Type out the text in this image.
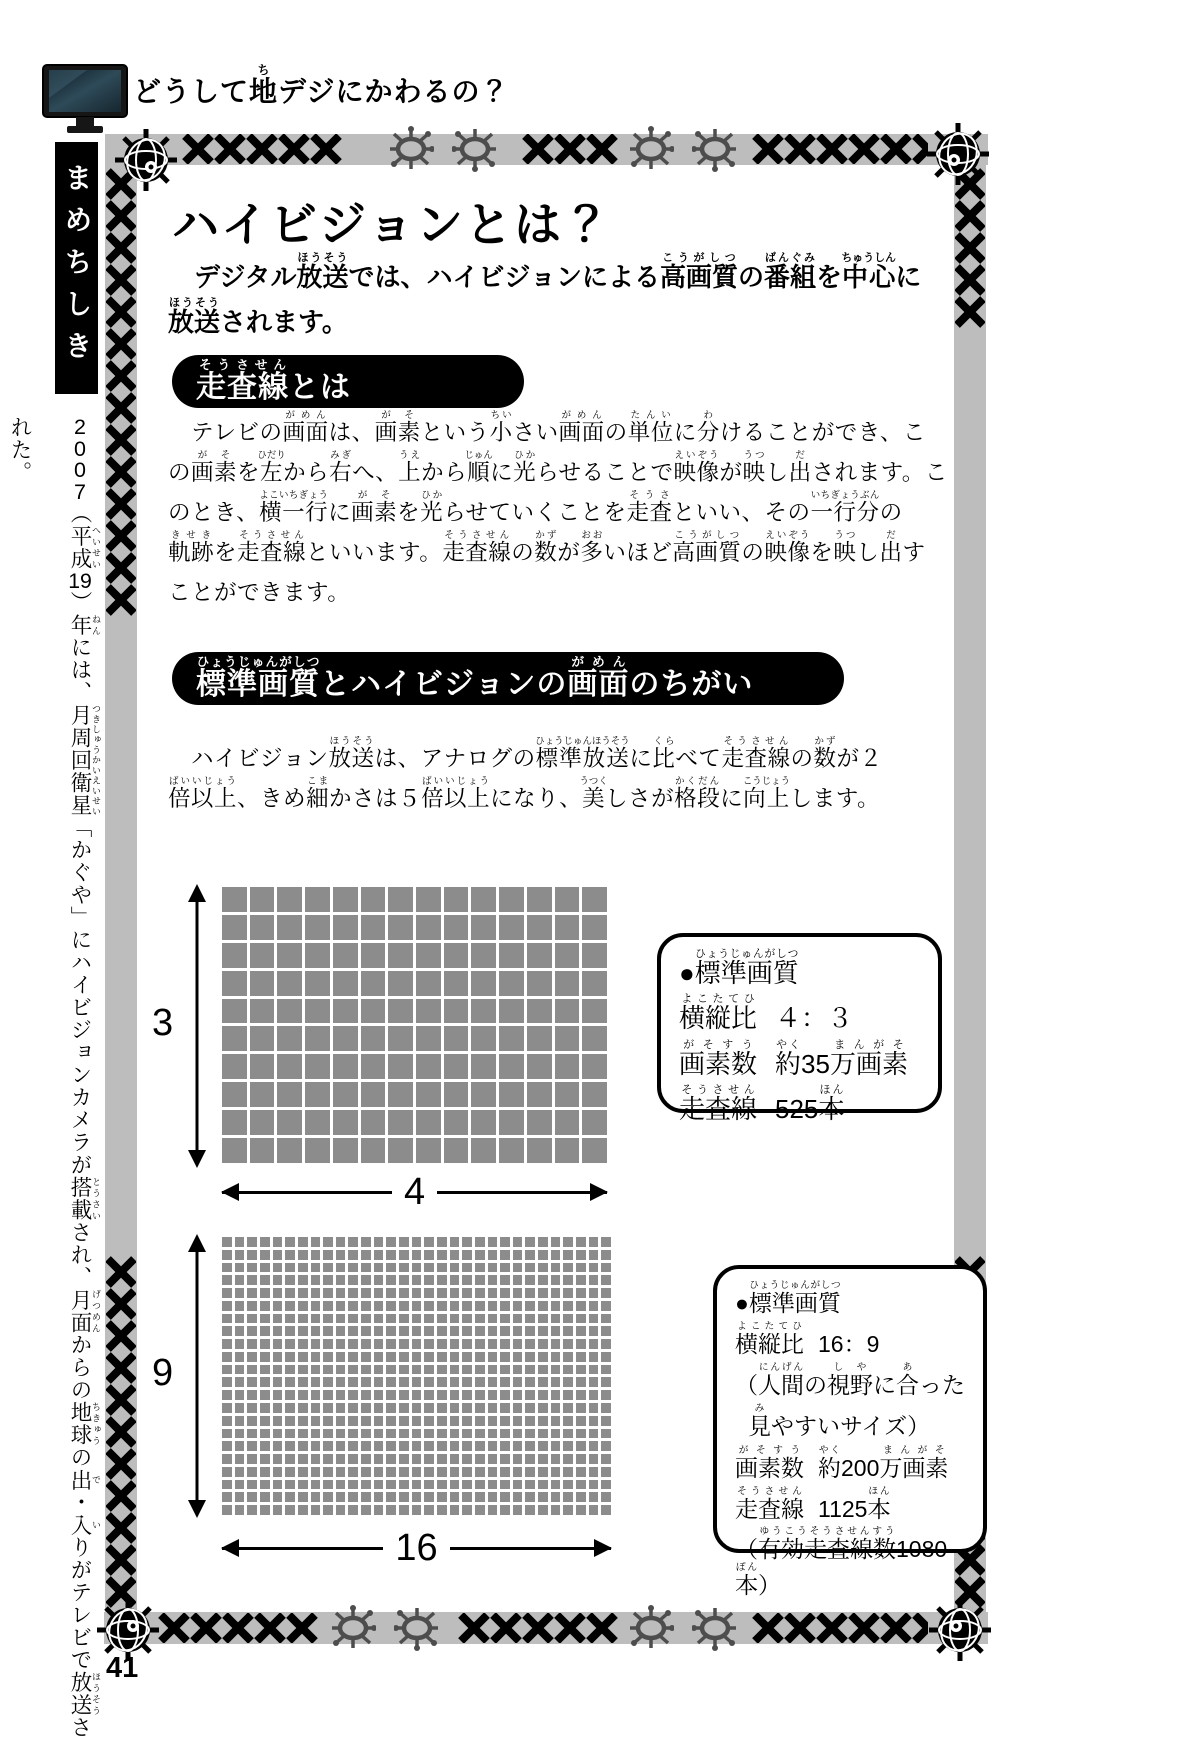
どうして地ちデジにかわるの？
まめちしき
2007（平成 へいせい19）年 ねんには、月周回衛星 つきしゅうかいえいせい「かぐや」にハイビジョンカメラが搭載 とうさいされ、月面 げつめんからの地球 ちきゅうの出 で・入 いりがテレビで放送 ほうそうされた。
41
ハイビジョンとは？

　デジタル放送ほうそうでは、ハイビジョンによる高画質こうがしつの番組ばんぐみを中心ちゅうしんに放送ほうそうされます。

走査線そうさせんとは

　テレビの画面がめんは、画素がそという小ちいさい画面がめんの単位たんいに分わけることができ、この画素がそを左ひだりから右みぎへ、上うえから順じゅんに光ひからせることで映像えいぞうが映うつし出だされます。このとき、横一行よこいちぎょうに画素がそを光ひからせていくことを走査そうさといい、その一行分いちぎょうぶんの軌跡きせきを走査線そうさせんといいます。走査線そうさせんの数かずが多おおいほど高画質こうがしつの映像えいぞうを映うつし出だすことができます。

標準画質ひょうじゅんがしつとハイビジョンの画面がめんのちがい

　ハイビジョン放送ほうそうは、アナログの標準放送ひょうじゅんほうそうに比くらべて走査線そうさせんの数かずが２倍以上ばいいじょう、きめ細こまかさは５倍以上ばいいじょうになり、美うつくしさが格段かくだんに向上こうじょうします。

3
4
● 標準画質ひょうじゅんがしつ
横縦比よこたてひ
４：３
画素数がそすう
約やく35万画素まんがそ
走査線そうさせん
525本ほん
9
16
● 標準画質ひょうじゅんがしつ
横縦比よこたてひ
16：9
（人間にんげんの視野しやに合あった
見みやすいサイズ）
画素数がそすう
約やく200万画素まんがそ
走査線そうさせん
1125本ほん
（有効走査線数ゆうこうそうさせんすう1080本ぽん）
